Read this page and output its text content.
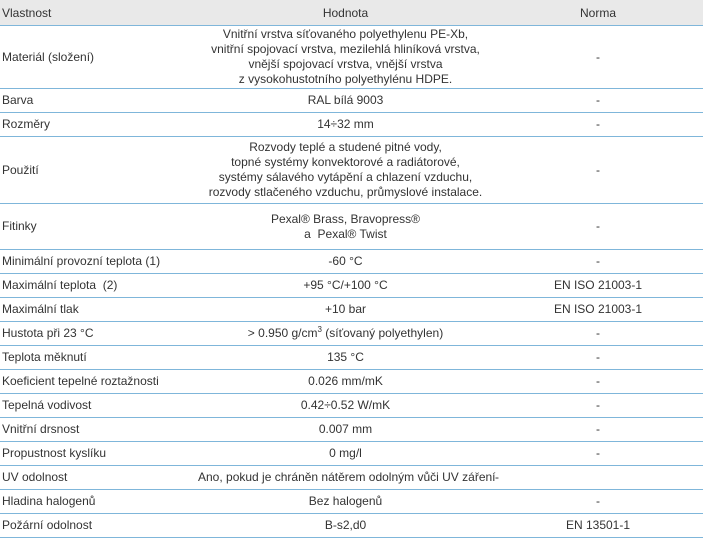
Vlastnost	Hodnota	Norma
Materiál (složení)	Vnitřní vrstva síťovaného polyethylenu PE-Xb,
vnitřní spojovací vrstva, mezilehlá hliníková vrstva,
vnější spojovací vrstva, vnější vrstva
z vysokohustotního polyethylénu HDPE.	-
Barva	RAL bílá 9003	-
Rozměry	14÷32 mm	-
Použití	Rozvody teplé a studené pitné vody,
topné systémy konvektorové a radiátorové,
systémy sálavého vytápění a chlazení vzduchu,
rozvody stlačeného vzduchu, průmyslové instalace.	-
Fitinky	Pexal® Brass, Bravopress®
a  Pexal® Twist	-
Minimální provozní teplota (1)	-60 °C	-
Maximální teplota  (2)	+95 °C/+100 °C	EN ISO 21003-1
Maximální tlak	+10 bar	EN ISO 21003-1
Hustota při 23 °C	> 0.950 $g/cm^3$ (síťovaný polyethylen)	-
Teplota měknutí	135 °C	-
Koeficient tepelné roztažnosti	0.026 mm/mK	-
Tepelná vodivost	0.42÷0.52 W/mK	-
Vnitřní drsnost	0.007 mm	-
Propustnost kyslíku	0 mg/l	-
UV odolnost	Ano, pokud je chráněn nátěrem odolným vůči UV záření	-
Hladina halogenů	Bez halogenů	-
Požární odolnost	B-s2,d0	EN 13501-1
